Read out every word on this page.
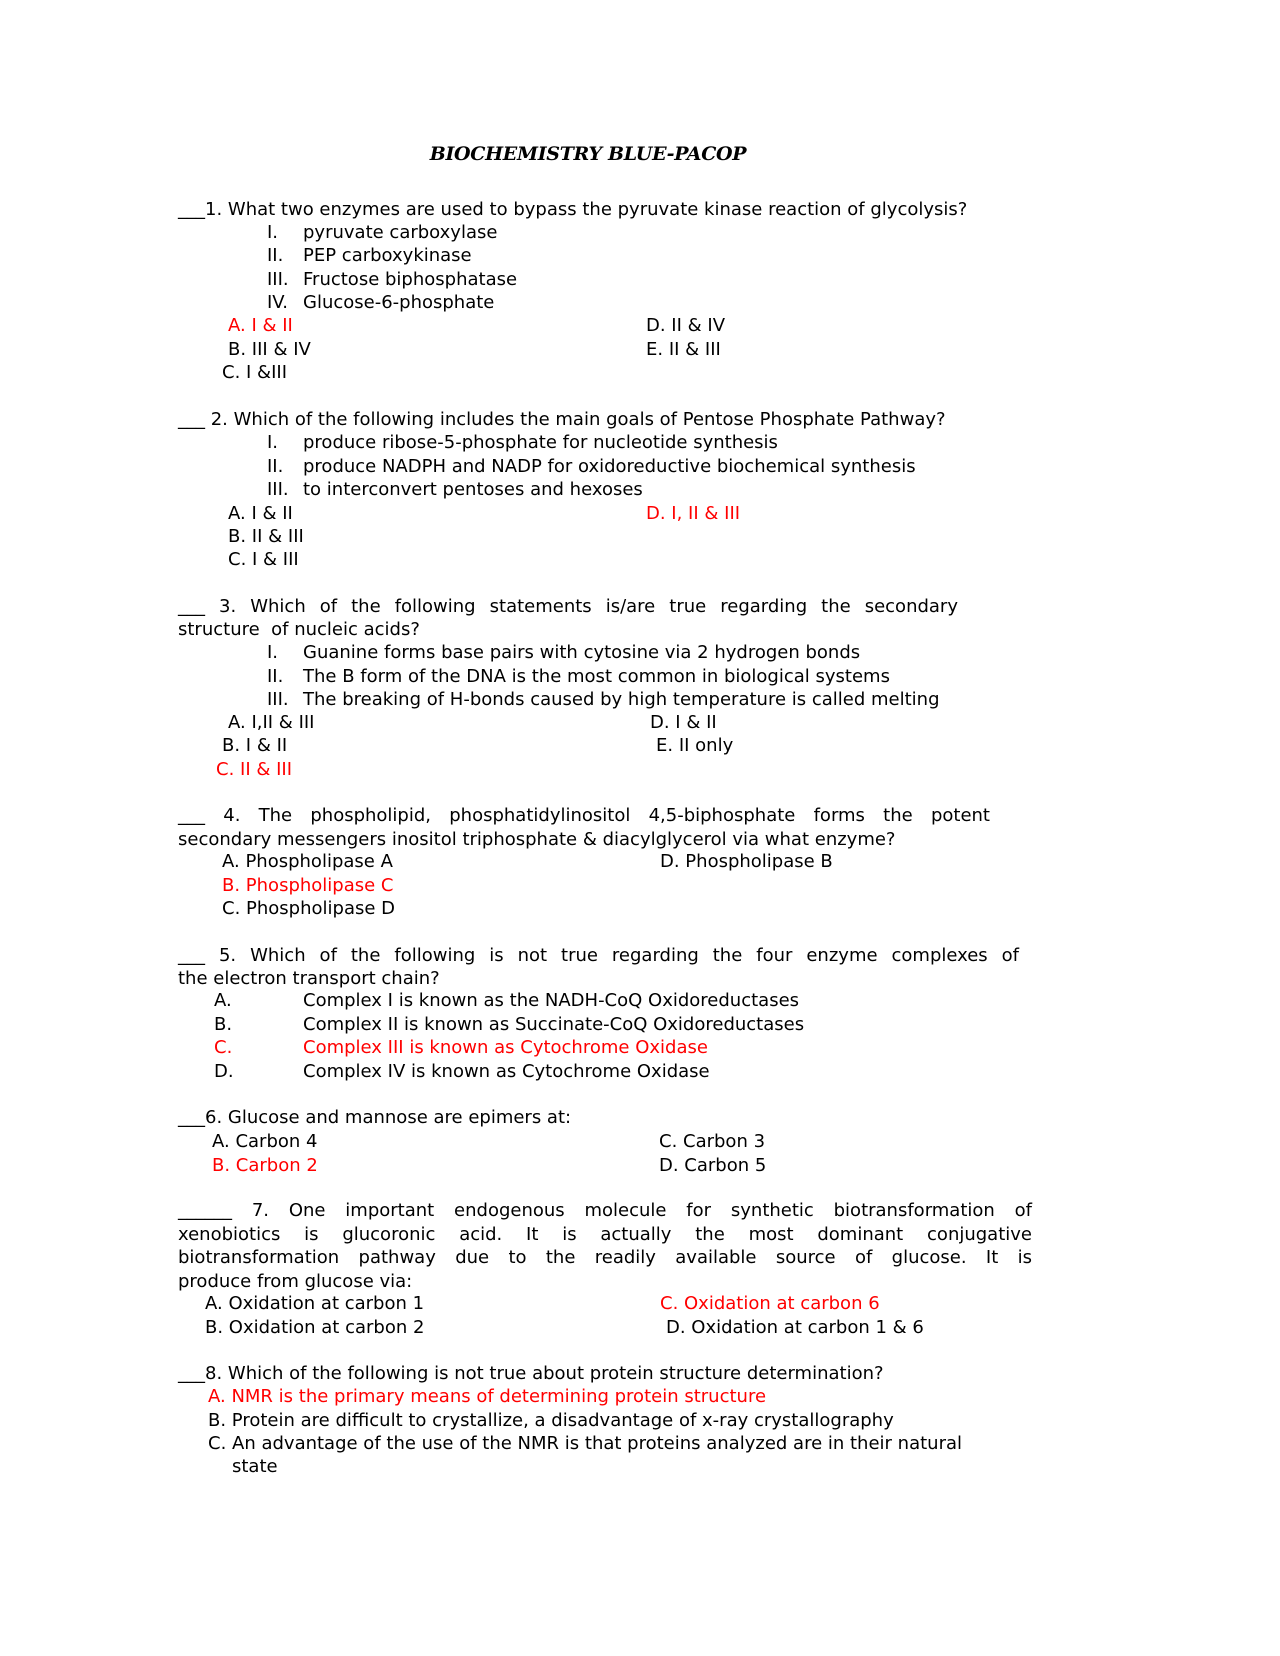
BIOCHEMISTRY BLUE-PACOP
___1. What two enzymes are used to bypass the pyruvate kinase reaction of glycolysis?
I. pyruvate carboxylase
II. PEP carboxykinase
III. Fructose biphosphatase
IV. Glucose-6-phosphate
A. I & II
B. III & IV
C. I &III
D. II & IV
E. II & III
___ 2. Which of the following includes the main goals of Pentose Phosphate Pathway?
I. produce ribose-5-phosphate for nucleotide synthesis
II. produce NADPH and NADP for oxidoreductive biochemical synthesis
III. to interconvert pentoses and hexoses
A. I & II
B. II & III
C. I & III
D. I, II & III
___ 3. Which of the following statements is/are true regarding the secondary
structure  of nucleic acids?
I. Guanine forms base pairs with cytosine via 2 hydrogen bonds
II. The B form of the DNA is the most common in biological systems
III. The breaking of H-bonds caused by high temperature is called melting
A. I,II & III
B. I & II
C. II & III
D. I & II
E. II only
___ 4. The phospholipid, phosphatidylinositol 4,5-biphosphate forms the potent
secondary messengers inositol triphosphate & diacylglycerol via what enzyme?
A. Phospholipase A
B. Phospholipase C
C. Phospholipase D
D. Phospholipase B
___ 5. Which of the following is not true regarding the four enzyme complexes of
the electron transport chain?
A.	Complex I is known as the NADH-CoQ Oxidoreductases
B.	Complex II is known as Succinate-CoQ Oxidoreductases
C.	Complex III is known as Cytochrome Oxidase
D.	Complex IV is known as Cytochrome Oxidase
___6. Glucose and mannose are epimers at:
A. Carbon 4
B. Carbon 2
C. Carbon 3
D. Carbon 5
______ 7. One important endogenous molecule for synthetic biotransformation of
xenobiotics is glucoronic acid. It is actually the most dominant conjugative
biotransformation pathway due to the readily available source of glucose. It is
produce from glucose via:
A. Oxidation at carbon 1
B. Oxidation at carbon 2
C. Oxidation at carbon 6
D. Oxidation at carbon 1 & 6
___8. Which of the following is not true about protein structure determination?
A. NMR is the primary means of determining protein structure
B. Protein are difficult to crystallize, a disadvantage of x-ray crystallography
C. An advantage of the use of the NMR is that proteins analyzed are in their natural
state
